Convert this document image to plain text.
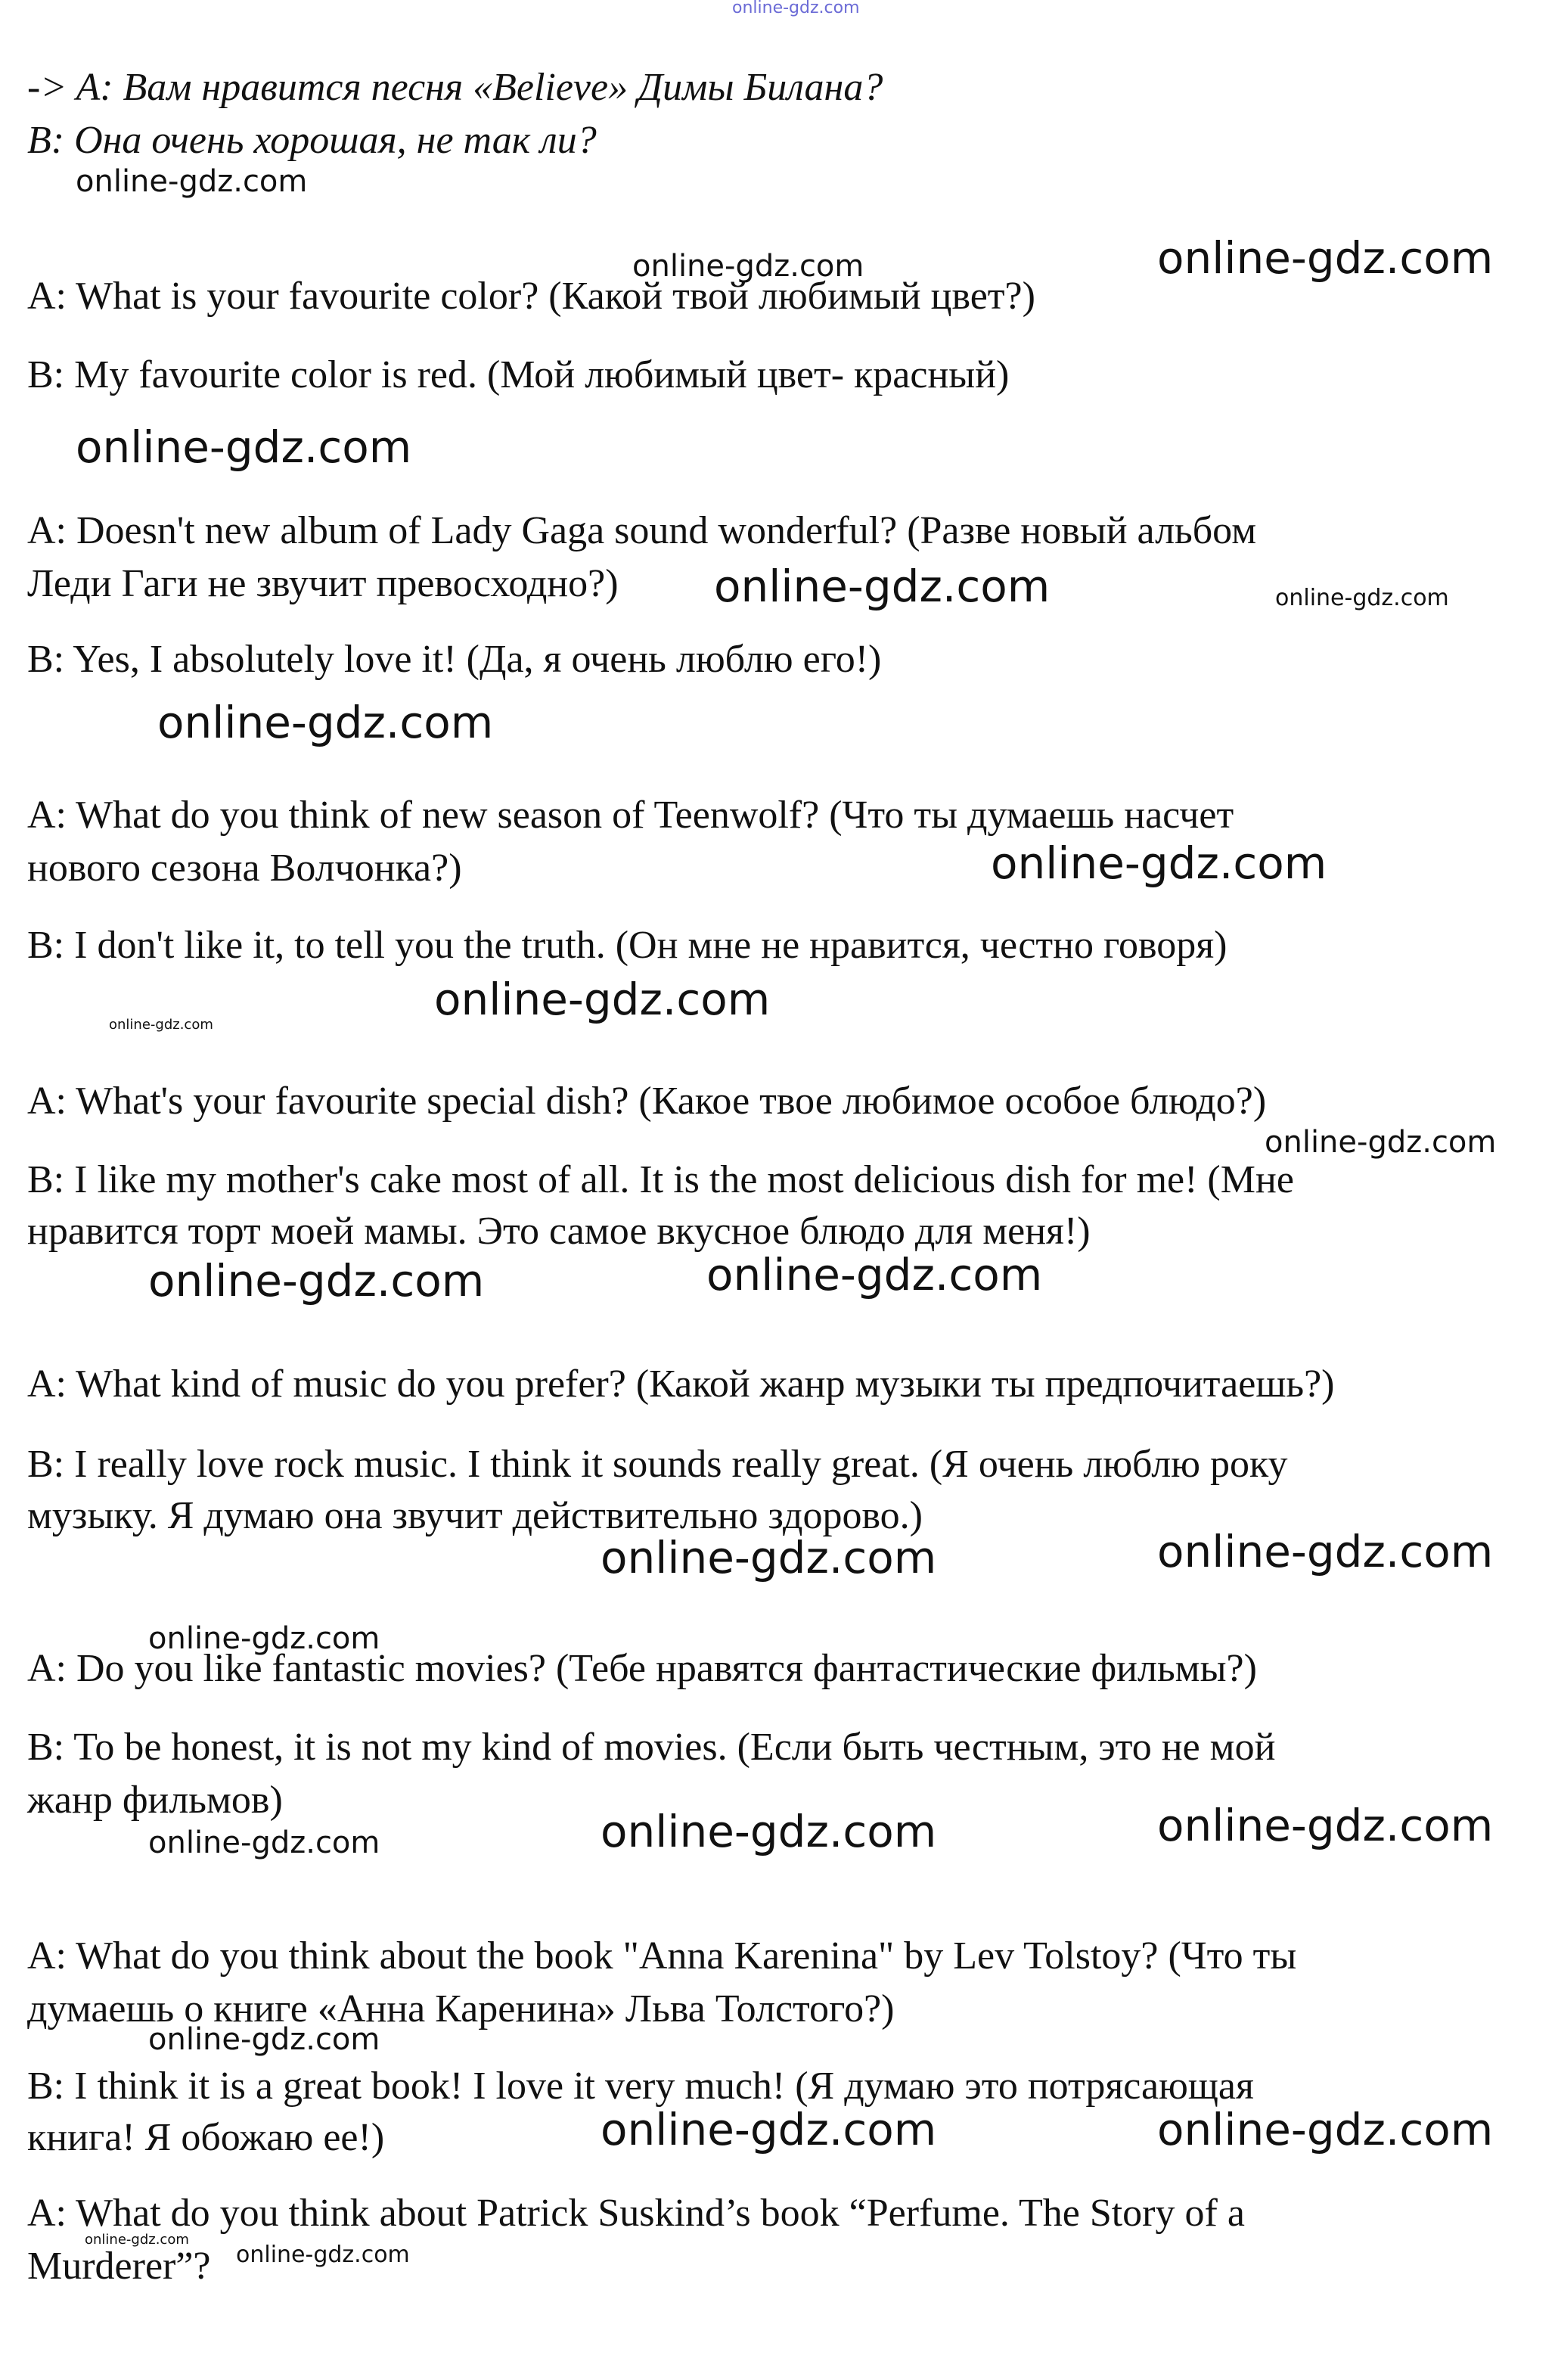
online-gdz.com

-> A: Вам нравится песня «Believe» Димы Билана?

B: Она очень хорошая, не так ли?

A: What is your favourite color? (Какой твой любимый цвет?)

B: My favourite color is red. (Мой любимый цвет- красный)

A: Doesn't new album of Lady Gaga sound wonderful? (Разве новый альбом

Леди Гаги не звучит превосходно?)

B: Yes, I absolutely love it! (Да, я очень люблю его!)

A: What do you think of new season of Teenwolf? (Что ты думаешь насчет

нового сезона Волчонка?)

B: I don't like it, to tell you the truth. (Он мне не нравится, честно говоря)

A: What's your favourite special dish? (Какое твое любимое особое блюдо?)

B: I like my mother's cake most of all. It is the most delicious dish for me! (Мне

нравится торт моей мамы. Это самое вкусное блюдо для меня!)

A: What kind of music do you prefer? (Какой жанр музыки ты предпочитаешь?)

B: I really love rock music. I think it sounds really great. (Я очень люблю року

музыку. Я думаю она звучит действительно здорово.)

A: Do you like fantastic movies? (Тебе нравятся фантастические фильмы?)

B: To be honest, it is not my kind of movies. (Если быть честным, это не мой

жанр фильмов)

A: What do you think about the book "Anna Karenina" by Lev Tolstoy? (Что ты

думаешь о книге «Анна Каренина» Льва Толстого?)

B: I think it is a great book! I love it very much! (Я думаю это потрясающая

книга! Я обожаю ее!)

A: What do you think about Patrick Suskind’s book “Perfume. The Story of a

Murderer”?

online-gdz.com
online-gdz.com	online-gdz.com
online-gdz.com
online-gdz.com	online-gdz.com
online-gdz.com
online-gdz.com
online-gdz.com
online-gdz.com
online-gdz.com
online-gdz.com	online-gdz.com
online-gdz.com	online-gdz.com
online-gdz.com
online-gdz.com	online-gdz.com	online-gdz.com
online-gdz.com
online-gdz.com	online-gdz.com
online-gdz.com
online-gdz.com
